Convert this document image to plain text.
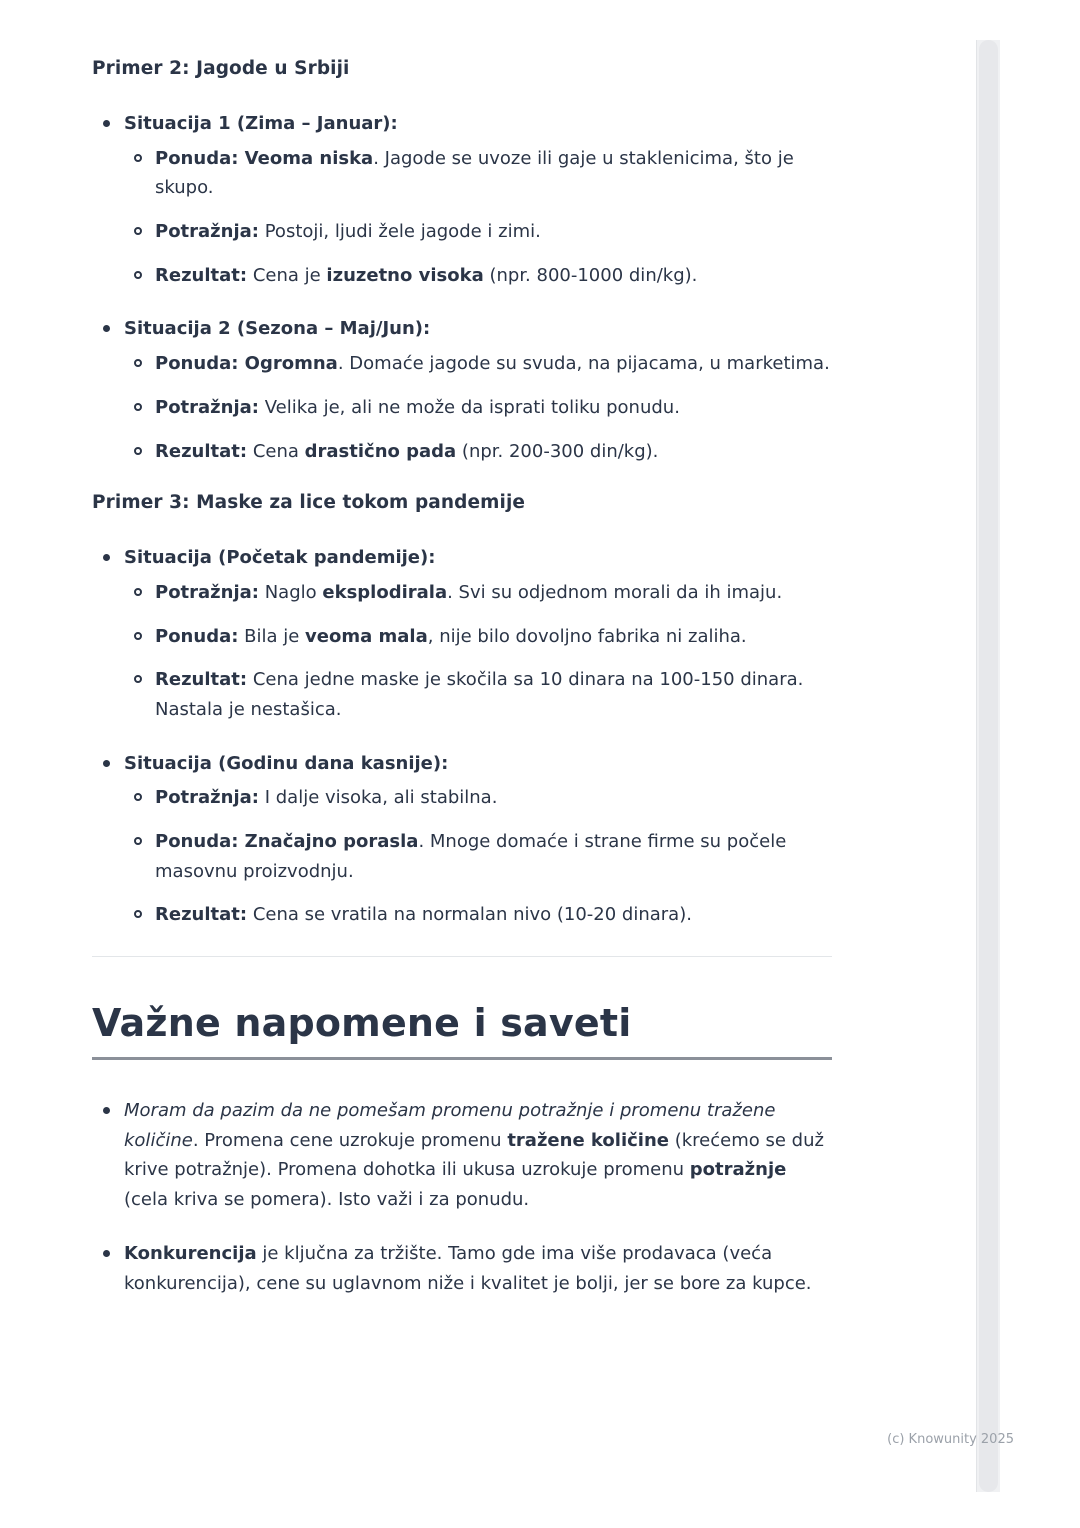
Primer 2: Jagode u Srbiji
Situacija 1 (Zima – Januar):
Ponuda: Veoma niska. Jagode se uvoze ili gaje u staklenicima, što je skupo.
Potražnja: Postoji, ljudi žele jagode i zimi.
Rezultat: Cena je izuzetno visoka (npr. 800-1000 din/kg).
Situacija 2 (Sezona – Maj/Jun):
Ponuda: Ogromna. Domaće jagode su svuda, na pijacama, u marketima.
Potražnja: Velika je, ali ne može da isprati toliku ponudu.
Rezultat: Cena drastično pada (npr. 200-300 din/kg).
Primer 3: Maske za lice tokom pandemije
Situacija (Početak pandemije):
Potražnja: Naglo eksplodirala. Svi su odjednom morali da ih imaju.
Ponuda: Bila je veoma mala, nije bilo dovoljno fabrika ni zaliha.
Rezultat: Cena jedne maske je skočila sa 10 dinara na 100-150 dinara. Nastala je nestašica.
Situacija (Godinu dana kasnije):
Potražnja: I dalje visoka, ali stabilna.
Ponuda: Značajno porasla. Mnoge domaće i strane firme su počele masovnu proizvodnju.
Rezultat: Cena se vratila na normalan nivo (10-20 dinara).
Važne napomene i saveti
Moram da pazim da ne pomešam promenu potražnje i promenu tražene količine. Promena cene uzrokuje promenu tražene količine (krećemo se duž krive potražnje). Promena dohotka ili ukusa uzrokuje promenu potražnje (cela kriva se pomera). Isto važi i za ponudu.
Konkurencija je ključna za tržište. Tamo gde ima više prodavaca (veća konkurencija), cene su uglavnom niže i kvalitet je bolji, jer se bore za kupce.
(c) Knowunity 2025
